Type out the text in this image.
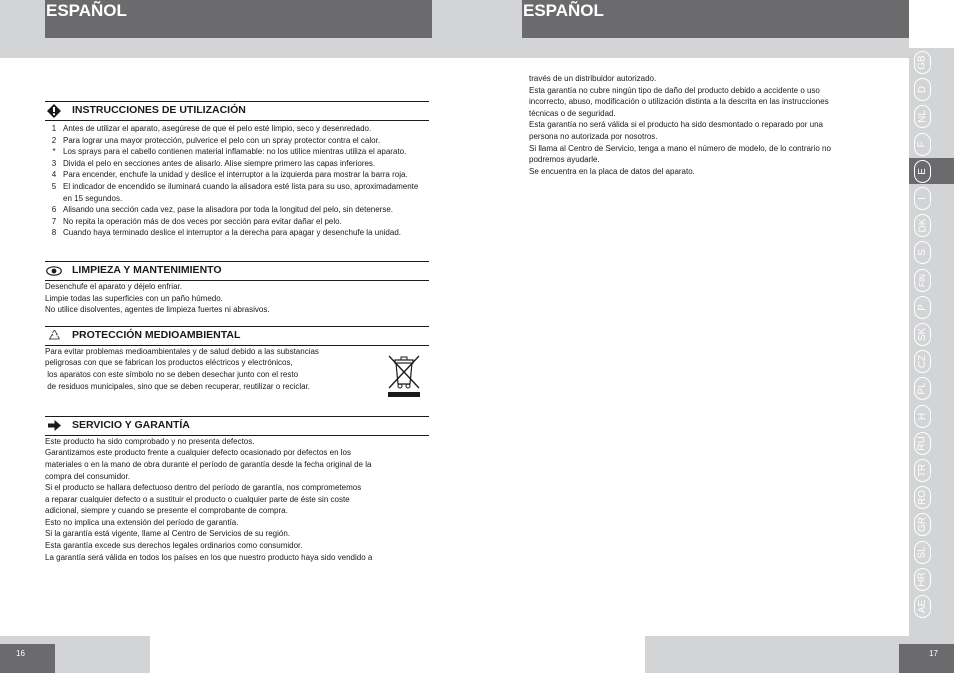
ESPAÑOL
INSTRUCCIONES DE UTILIZACIÓN
1 Antes de utilizar el aparato, asegúrese de que el pelo esté limpio, seco y desenredado.
2 Para lograr una mayor protección, pulverice el pelo con un spray protector contra el calor.
* Los sprays para el cabello contienen material inflamable: no los utilice mientras utiliza el aparato.
3 Divida el pelo en secciones antes de alisarlo. Alise siempre primero las capas inferiores.
4 Para encender, enchufe la unidad y deslice el interruptor a la izquierda para mostrar la barra roja.
5 El indicador de encendido se iluminará cuando la alisadora esté lista para su uso, aproximadamente en 15 segundos.
6 Alisando una sección cada vez, pase la alisadora por toda la longitud del pelo, sin detenerse.
7 No repita la operación más de dos veces por sección para evitar dañar el pelo.
8 Cuando haya terminado deslice el interruptor a la derecha para apagar y desenchufe la unidad.
LIMPIEZA Y MANTENIMIENTO

Desenchufe el aparato y déjelo enfriar.

Limpie todas las superficies con un paño húmedo.

No utilice disolventes, agentes de limpieza fuertes ni abrasivos.

PROTECCIÓN MEDIOAMBIENTAL

Para evitar problemas medioambientales y de salud debido a las substancias

peligrosas con que se fabrican los productos eléctricos y electrónicos,

los aparatos con este símbolo no se deben desechar junto con el resto

de residuos municipales, sino que se deben recuperar, reutilizar o reciclar.

SERVICIO Y GARANTÍA

Este producto ha sido comprobado y no presenta defectos.

Garantizamos este producto frente a cualquier defecto ocasionado por defectos en los

materiales o en la mano de obra durante el período de garantía desde la fecha original de la

compra del consumidor.

Si el producto se hallara defectuoso dentro del período de garantía, nos comprometemos

a reparar cualquier defecto o a sustituir el producto o cualquier parte de éste sin coste

adicional, siempre y cuando se presente el comprobante de compra.

Esto no implica una extensión del período de garantía.

Si la garantía está vigente, llame al Centro de Servicios de su región.

Esta garantía excede sus derechos legales ordinarios como consumidor.

La garantía será válida en todos los países en los que nuestro producto haya sido vendido a

16
ESPAÑOL

través de un distribuidor autorizado.

Esta garantía no cubre ningún tipo de daño del producto debido a accidente o uso

incorrecto, abuso, modificación o utilización distinta a la descrita en las instrucciones

técnicas o de seguridad.

Esta garantía no será válida si el producto ha sido desmontado o reparado por una

persona no autorizada por nosotros.

Si llama al Centro de Servicio, tenga a mano el número de modelo, de lo contrario no

podremos ayudarle.

Se encuentra en la placa de datos del aparato.

GB
D
NL
F
E
I
DK
S
FIN
P
SK
CZ
PL
H
RU
TR
RO
GR
SL
HR
AE
17
